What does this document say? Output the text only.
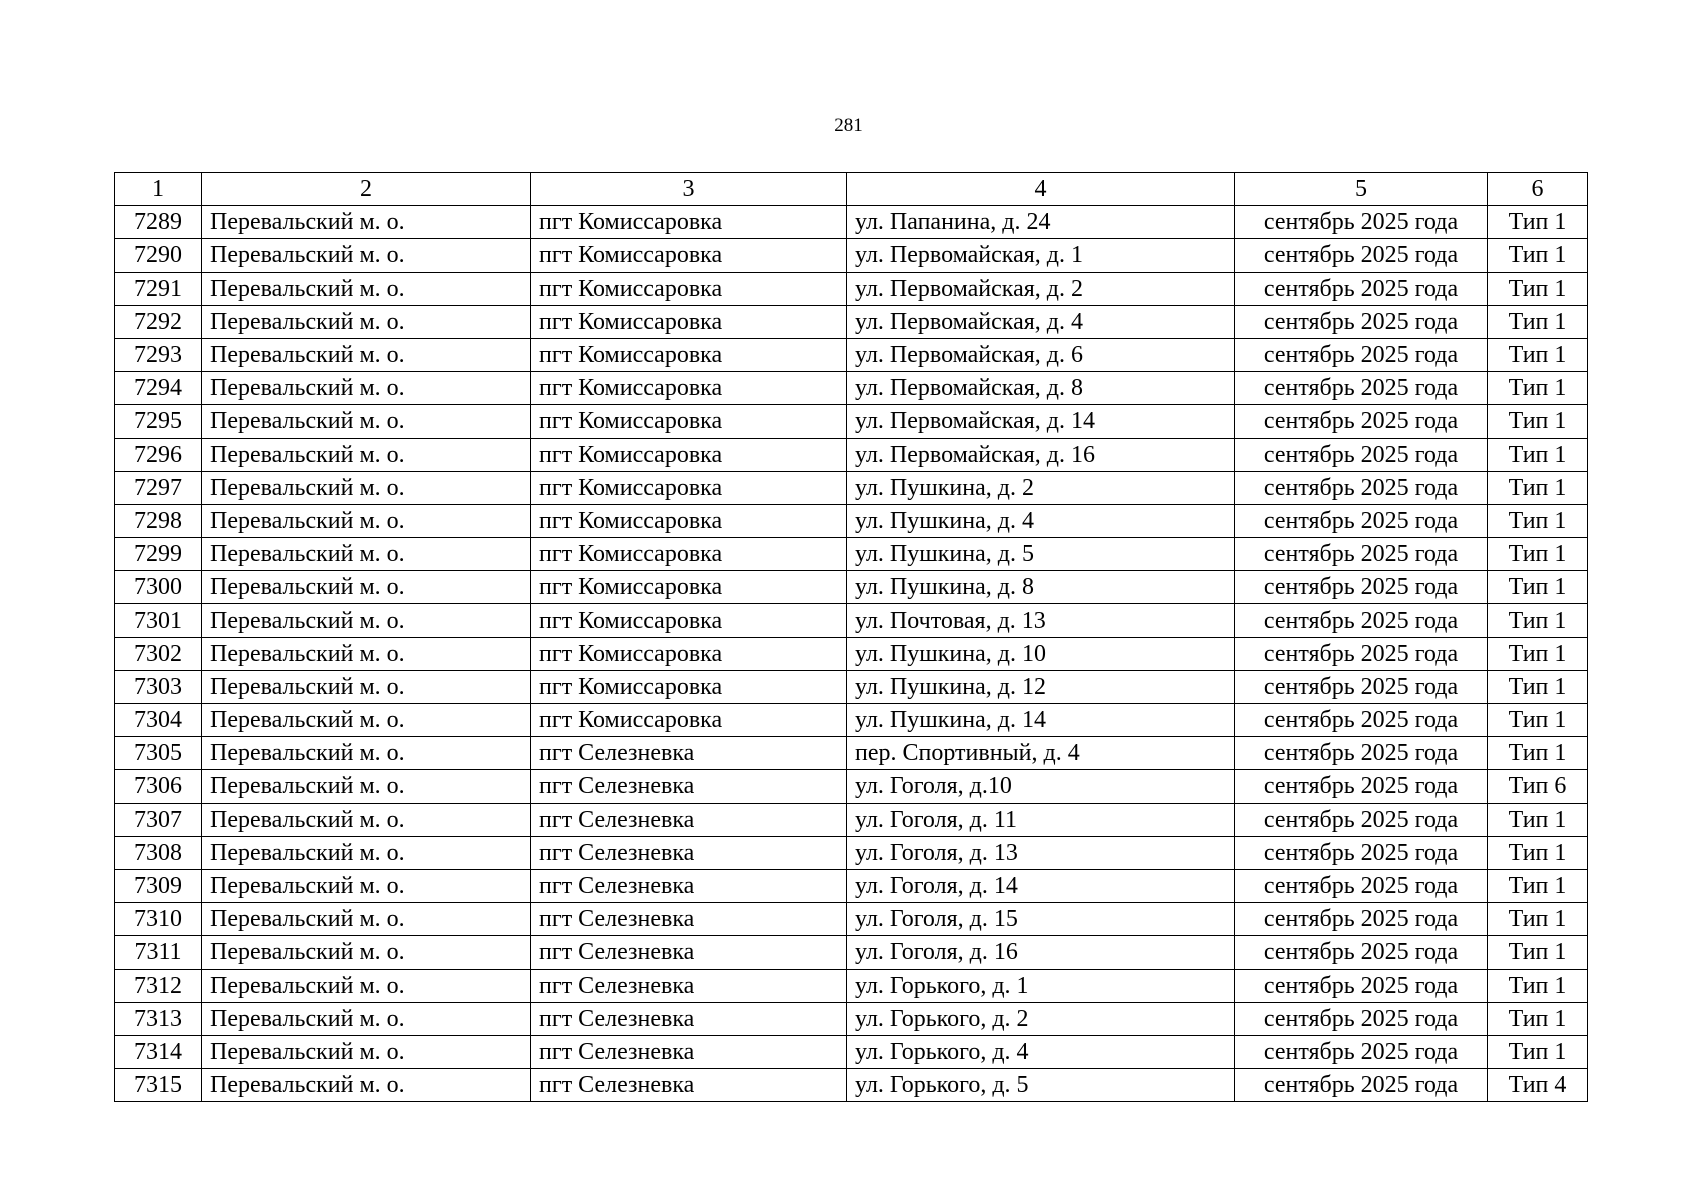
281
1	2	3	4	5	6
7289	Перевальский м. о.	пгт Комиссаровка	ул. Папанина, д. 24	сентябрь 2025 года	Тип 1
7290	Перевальский м. о.	пгт Комиссаровка	ул. Первомайская, д. 1	сентябрь 2025 года	Тип 1
7291	Перевальский м. о.	пгт Комиссаровка	ул. Первомайская, д. 2	сентябрь 2025 года	Тип 1
7292	Перевальский м. о.	пгт Комиссаровка	ул. Первомайская, д. 4	сентябрь 2025 года	Тип 1
7293	Перевальский м. о.	пгт Комиссаровка	ул. Первомайская, д. 6	сентябрь 2025 года	Тип 1
7294	Перевальский м. о.	пгт Комиссаровка	ул. Первомайская, д. 8	сентябрь 2025 года	Тип 1
7295	Перевальский м. о.	пгт Комиссаровка	ул. Первомайская, д. 14	сентябрь 2025 года	Тип 1
7296	Перевальский м. о.	пгт Комиссаровка	ул. Первомайская, д. 16	сентябрь 2025 года	Тип 1
7297	Перевальский м. о.	пгт Комиссаровка	ул. Пушкина, д. 2	сентябрь 2025 года	Тип 1
7298	Перевальский м. о.	пгт Комиссаровка	ул. Пушкина, д. 4	сентябрь 2025 года	Тип 1
7299	Перевальский м. о.	пгт Комиссаровка	ул. Пушкина, д. 5	сентябрь 2025 года	Тип 1
7300	Перевальский м. о.	пгт Комиссаровка	ул. Пушкина, д. 8	сентябрь 2025 года	Тип 1
7301	Перевальский м. о.	пгт Комиссаровка	ул. Почтовая, д. 13	сентябрь 2025 года	Тип 1
7302	Перевальский м. о.	пгт Комиссаровка	ул. Пушкина, д. 10	сентябрь 2025 года	Тип 1
7303	Перевальский м. о.	пгт Комиссаровка	ул. Пушкина, д. 12	сентябрь 2025 года	Тип 1
7304	Перевальский м. о.	пгт Комиссаровка	ул. Пушкина, д. 14	сентябрь 2025 года	Тип 1
7305	Перевальский м. о.	пгт Селезневка	пер. Спортивный, д. 4	сентябрь 2025 года	Тип 1
7306	Перевальский м. о.	пгт Селезневка	ул. Гоголя, д.10	сентябрь 2025 года	Тип 6
7307	Перевальский м. о.	пгт Селезневка	ул. Гоголя, д. 11	сентябрь 2025 года	Тип 1
7308	Перевальский м. о.	пгт Селезневка	ул. Гоголя, д. 13	сентябрь 2025 года	Тип 1
7309	Перевальский м. о.	пгт Селезневка	ул. Гоголя, д. 14	сентябрь 2025 года	Тип 1
7310	Перевальский м. о.	пгт Селезневка	ул. Гоголя, д. 15	сентябрь 2025 года	Тип 1
7311	Перевальский м. о.	пгт Селезневка	ул. Гоголя, д. 16	сентябрь 2025 года	Тип 1
7312	Перевальский м. о.	пгт Селезневка	ул. Горького, д. 1	сентябрь 2025 года	Тип 1
7313	Перевальский м. о.	пгт Селезневка	ул. Горького, д. 2	сентябрь 2025 года	Тип 1
7314	Перевальский м. о.	пгт Селезневка	ул. Горького, д. 4	сентябрь 2025 года	Тип 1
7315	Перевальский м. о.	пгт Селезневка	ул. Горького, д. 5	сентябрь 2025 года	Тип 4
